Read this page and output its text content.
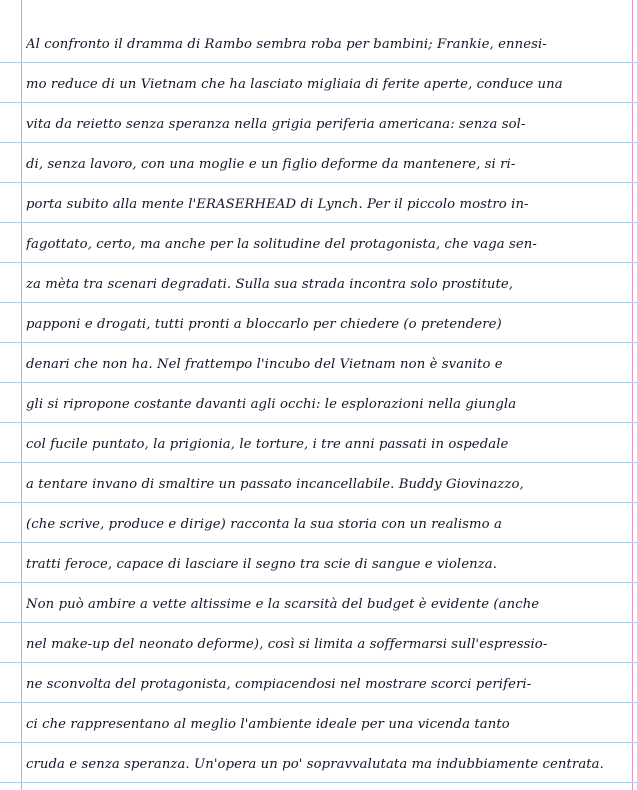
Al confronto il dramma di Rambo sembra roba per bambini; Frankie, ennesi-
mo reduce di un Vietnam che ha lasciato migliaia di ferite aperte, conduce una
vita da reietto senza speranza nella grigia periferia americana: senza sol-
di, senza lavoro, con una moglie e un figlio deforme da mantenere, si ri-
porta subito alla mente l'ERASERHEAD di Lynch. Per il piccolo mostro in-
fagottato, certo, ma anche per la solitudine del protagonista, che vaga sen-
za mèta tra scenari degradati. Sulla sua strada incontra solo prostitute,
papponi e drogati, tutti pronti a bloccarlo per chiedere (o pretendere)
denari che non ha. Nel frattempo l'incubo del Vietnam non è svanito e
gli si ripropone costante davanti agli occhi: le esplorazioni nella giungla
col fucile puntato, la prigionia, le torture, i tre anni passati in ospedale
a tentare invano di smaltire un passato incancellabile. Buddy Giovinazzo,
(che scrive, produce e dirige) racconta la sua storia con un realismo a
tratti feroce, capace di lasciare il segno tra scie di sangue e violenza.
Non può ambire a vette altissime e la scarsità del budget è evidente (anche
nel make-up del neonato deforme), così si limita a soffermarsi sull'espressio-
ne sconvolta del protagonista, compiacendosi nel mostrare scorci periferi-
ci che rappresentano al meglio l'ambiente ideale per una vicenda tanto
cruda e senza speranza. Un'opera un po' sopravvalutata ma indubbiamente centrata.
